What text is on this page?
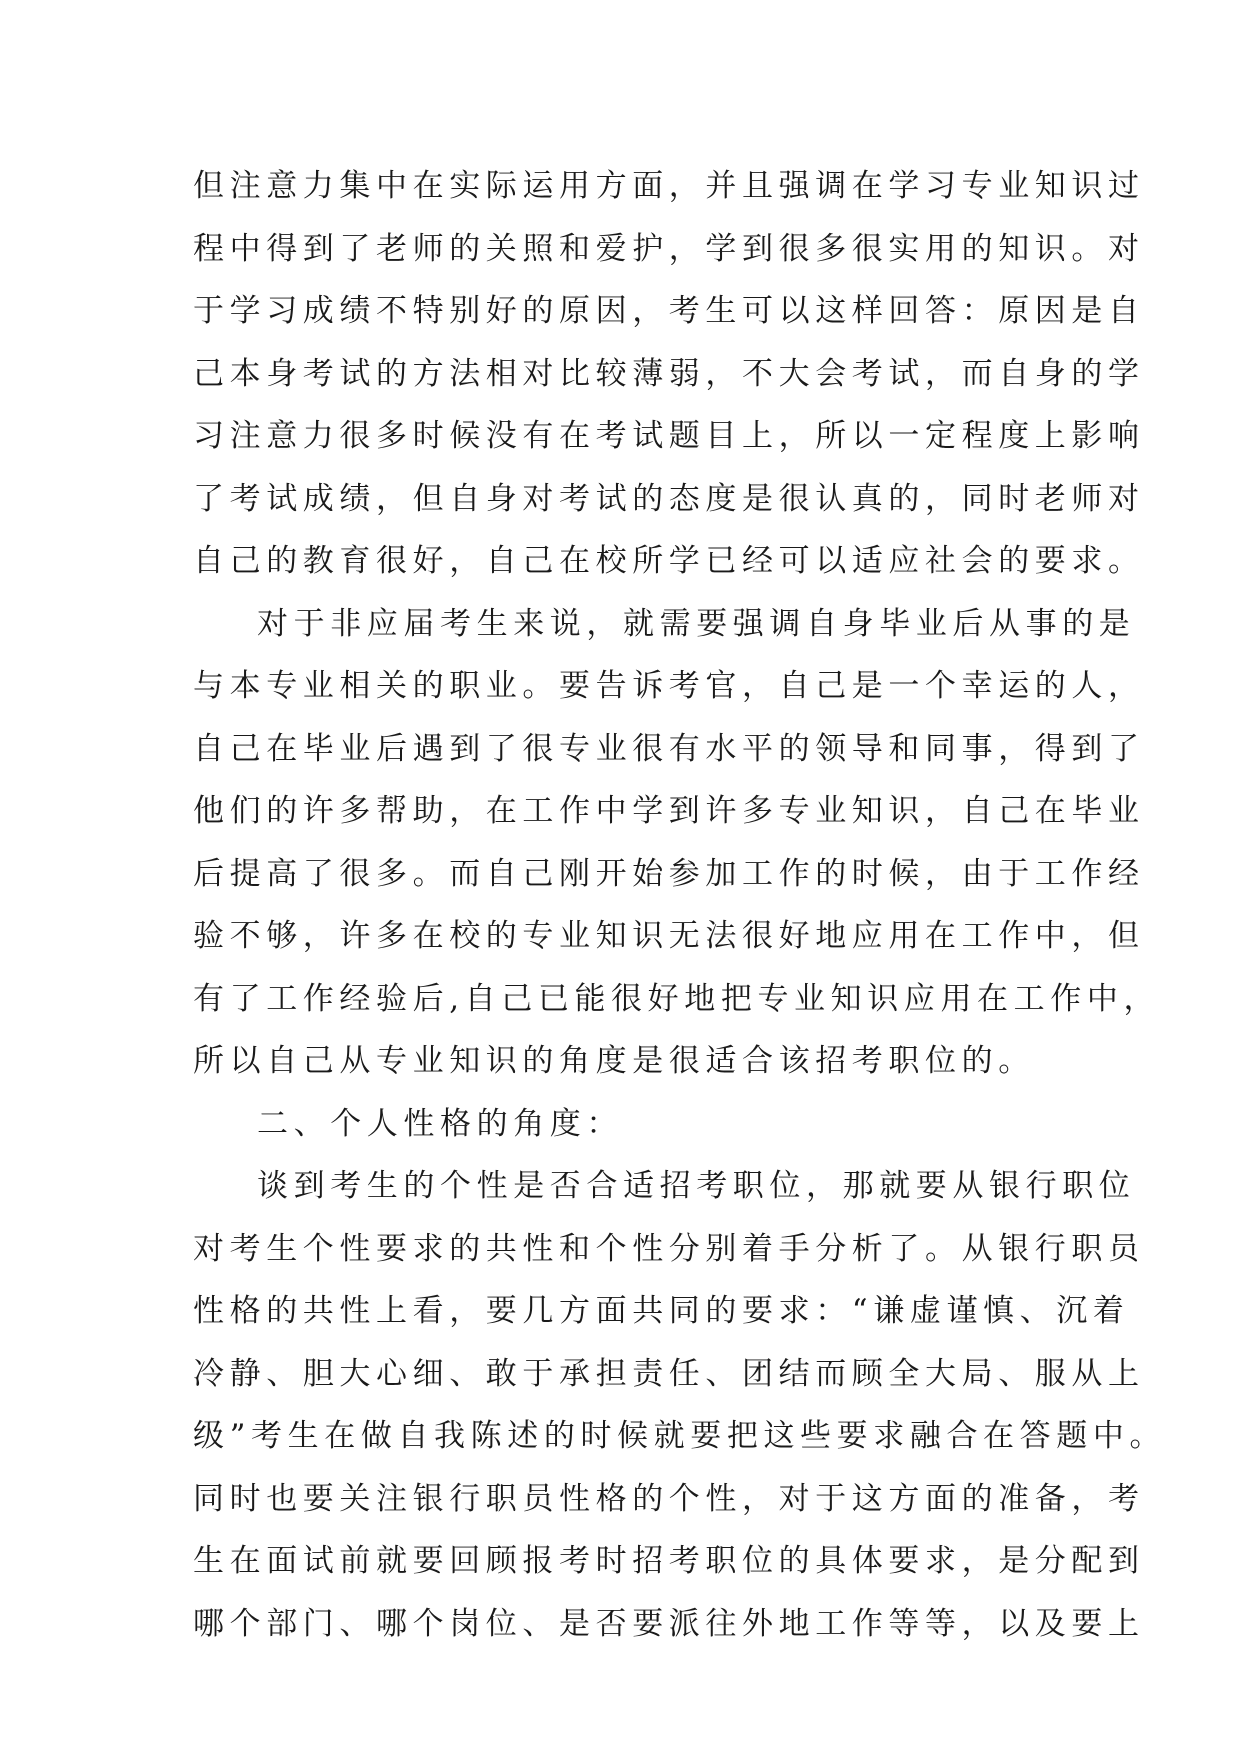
但注意力集中在实际运用方面，并且强调在学习专业知识过
程中得到了老师的关照和爱护，学到很多很实用的知识。对
于学习成绩不特别好的原因，考生可以这样回答：原因是自
己本身考试的方法相对比较薄弱，不大会考试，而自身的学
习注意力很多时候没有在考试题目上，所以一定程度上影响
了考试成绩，但自身对考试的态度是很认真的，同时老师对
自己的教育很好，自己在校所学已经可以适应社会的要求。
对于非应届考生来说，就需要强调自身毕业后从事的是
与本专业相关的职业。要告诉考官，自己是一个幸运的人，
自己在毕业后遇到了很专业很有水平的领导和同事，得到了
他们的许多帮助，在工作中学到许多专业知识，自己在毕业
后提高了很多。而自己刚开始参加工作的时候，由于工作经
验不够，许多在校的专业知识无法很好地应用在工作中，但
有了工作经验后,自己已能很好地把专业知识应用在工作中，
所以自己从专业知识的角度是很适合该招考职位的。
二、个人性格的角度：
谈到考生的个性是否合适招考职位，那就要从银行职位
对考生个性要求的共性和个性分别着手分析了。从银行职员
性格的共性上看，要几方面共同的要求：“谦虚谨慎、沉着
冷静、胆大心细、敢于承担责任、团结而顾全大局、服从上
级”考生在做自我陈述的时候就要把这些要求融合在答题中。
同时也要关注银行职员性格的个性，对于这方面的准备，考
生在面试前就要回顾报考时招考职位的具体要求，是分配到
哪个部门、哪个岗位、是否要派往外地工作等等，以及要上
